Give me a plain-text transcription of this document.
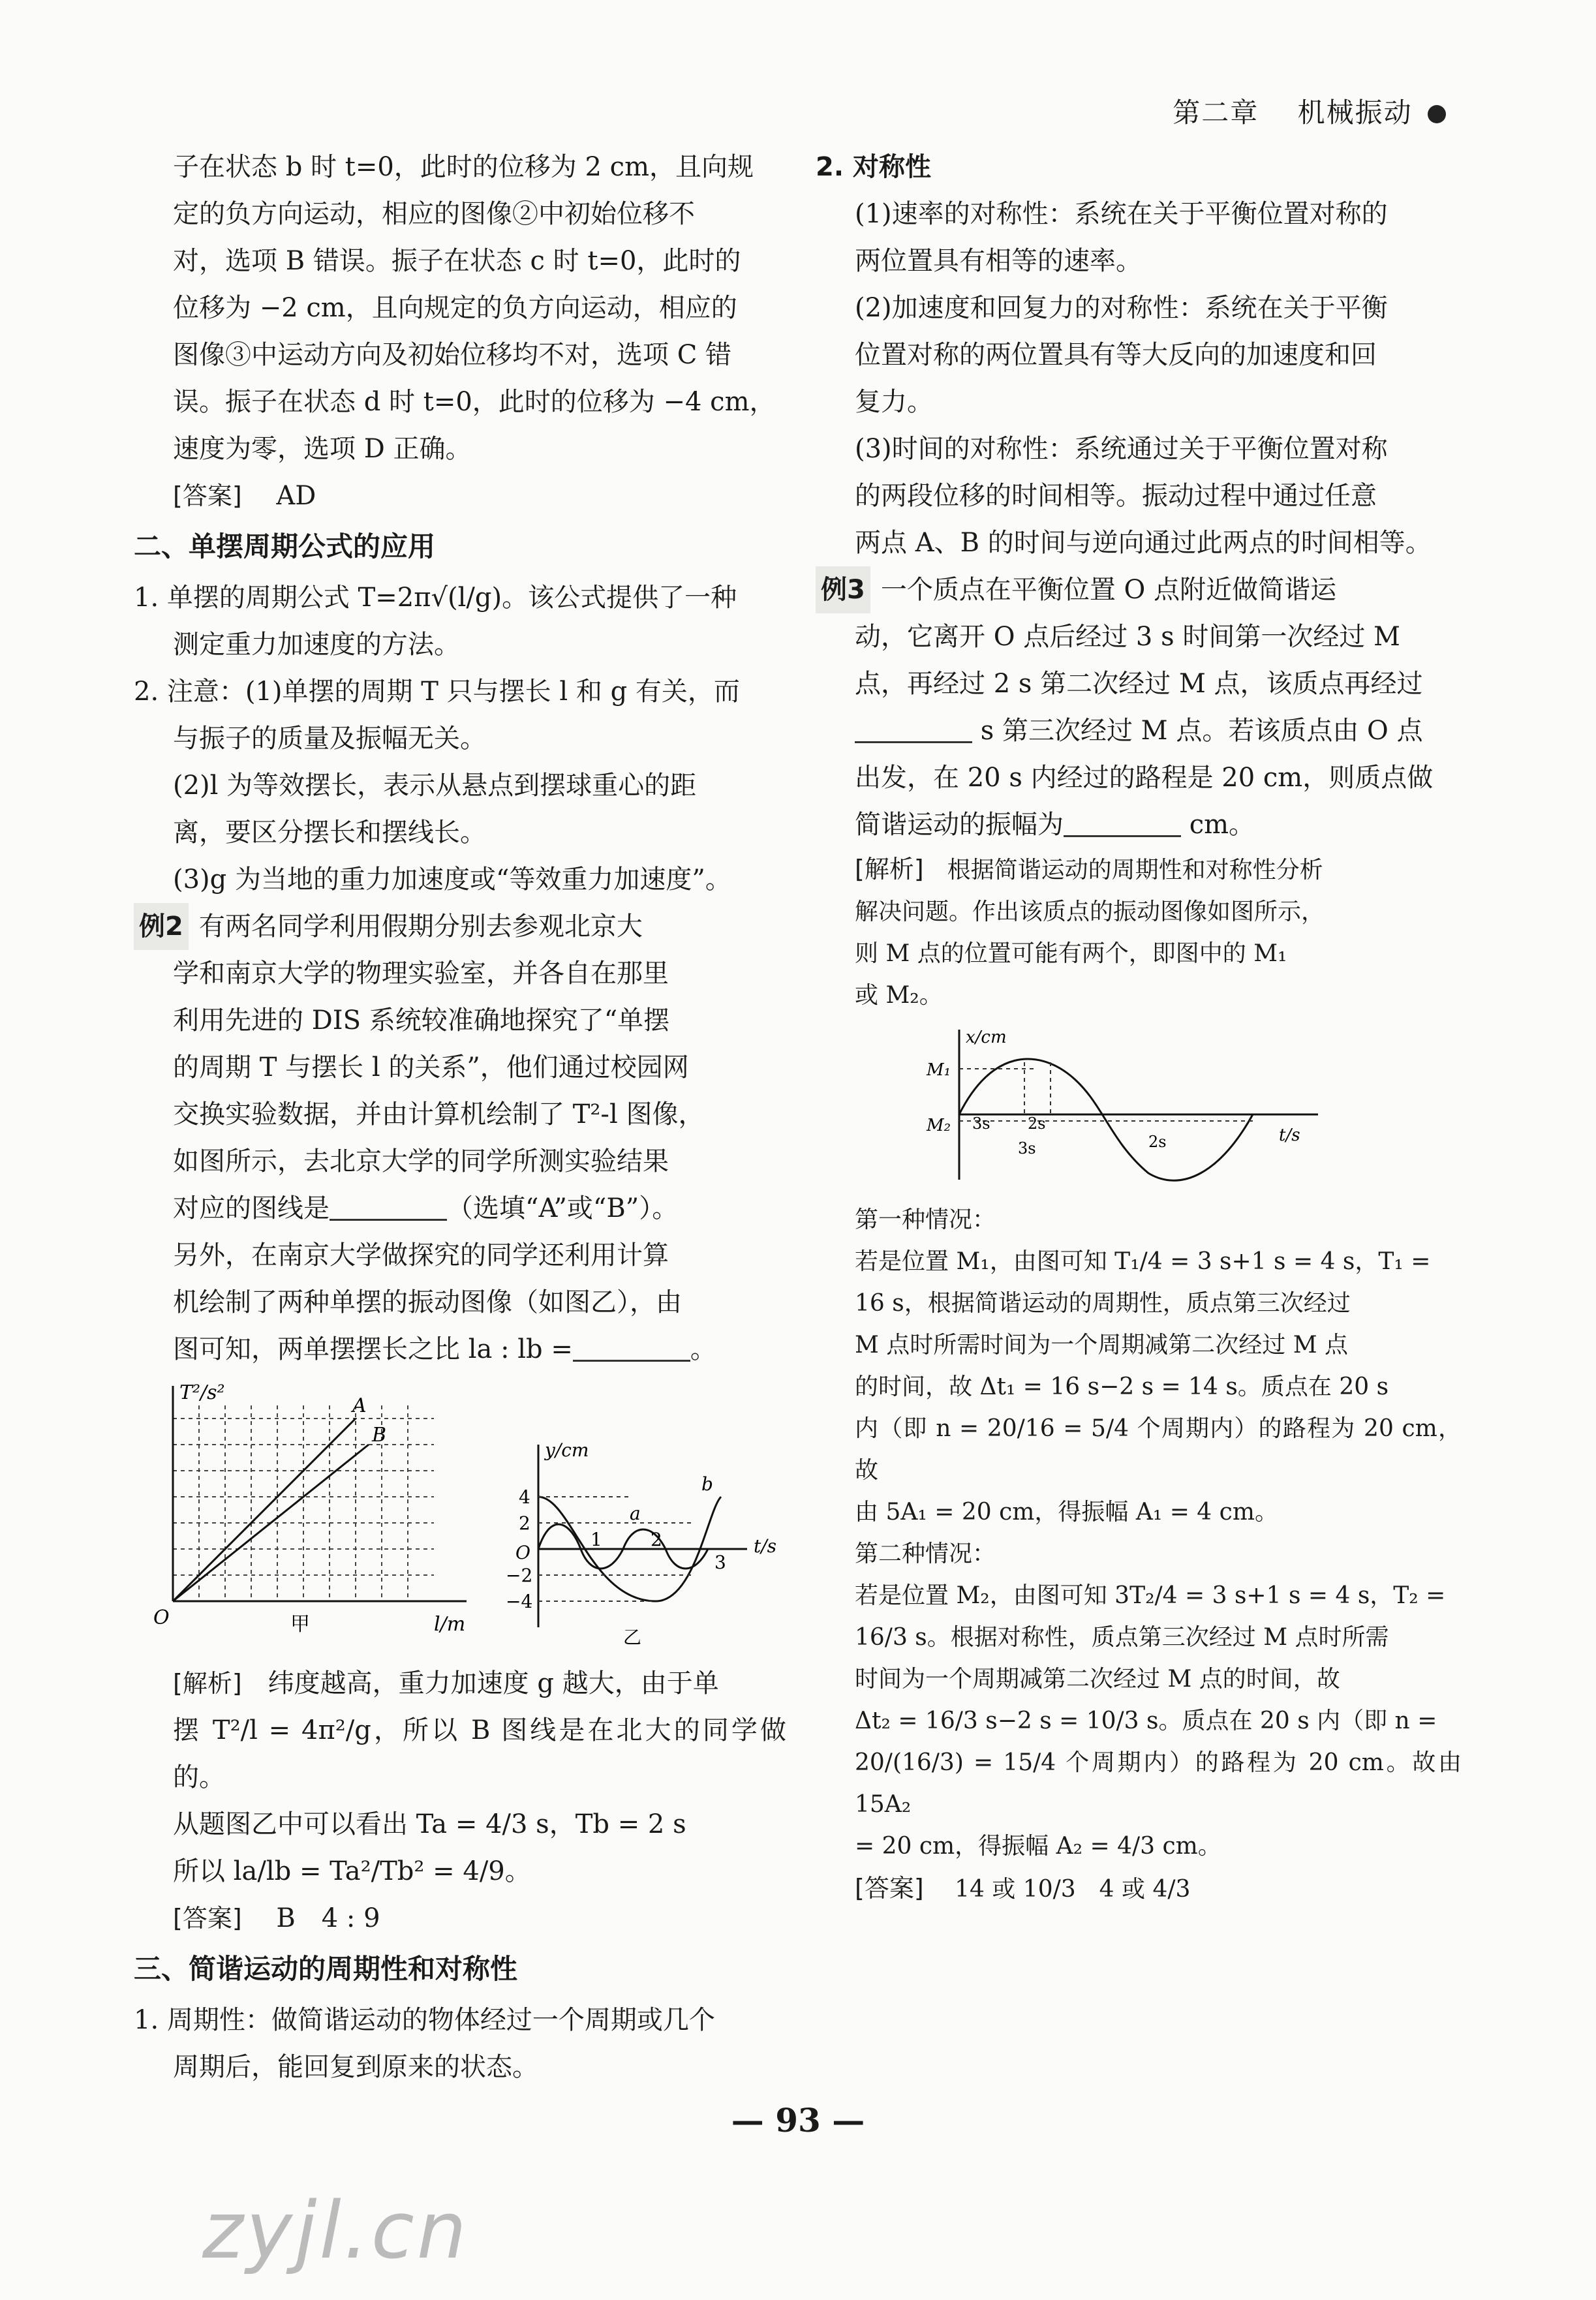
第二章　 机械振动

子在状态 b 时 t=0，此时的位移为 2 cm，且向规

定的负方向运动，相应的图像②中初始位移不

对，选项 B 错误。振子在状态 c 时 t=0，此时的

位移为 −2 cm，且向规定的负方向运动，相应的

图像③中运动方向及初始位移均不对，选项 C 错

误。振子在状态 d 时 t=0，此时的位移为 −4 cm，

速度为零，选项 D 正确。

[答案]　 AD

二、单摆周期公式的应用

1. 单摆的周期公式 T=2π√(l/g)。该公式提供了一种

测定重力加速度的方法。

2. 注意：(1)单摆的周期 T 只与摆长 l 和 g 有关，而

与振子的质量及振幅无关。

(2)l 为等效摆长，表示从悬点到摆球重心的距

离，要区分摆长和摆线长。

(3)g 为当地的重力加速度或“等效重力加速度”。

例2 有两名同学利用假期分别去参观北京大

学和南京大学的物理实验室，并各自在那里

利用先进的 DIS 系统较准确地探究了“单摆

的周期 T 与摆长 l 的关系”，他们通过校园网

交换实验数据，并由计算机绘制了 T²-l 图像，

如图所示，去北京大学的同学所测实验结果

对应的图线是	（选填“A”或“B”）。

另外，在南京大学做探究的同学还利用计算

机绘制了两种单摆的振动图像（如图乙），由

图可知，两单摆摆长之比 la : lb =	。

T²/s²
l/m
O
A
B
甲
y/cm
t/s
O
4
2
−2
−4
1	2
3
a
b
乙

[解析]　 纬度越高，重力加速度 g 越大，由于单

摆 T²/l = 4π²/g，所以 B 图线是在北大的同学做的。

从题图乙中可以看出 Ta = 4/3 s，Tb = 2 s

所以 la/lb = Ta²/Tb² = 4/9。

[答案]　 B　4 : 9

三、简谐运动的周期性和对称性

1. 周期性：做简谐运动的物体经过一个周期或几个

周期后，能回复到原来的状态。

2. 对称性

(1)速率的对称性：系统在关于平衡位置对称的

两位置具有相等的速率。

(2)加速度和回复力的对称性：系统在关于平衡

位置对称的两位置具有等大反向的加速度和回

复力。

(3)时间的对称性：系统通过关于平衡位置对称

的两段位移的时间相等。振动过程中通过任意

两点 A、B 的时间与逆向通过此两点的时间相等。

例3 一个质点在平衡位置 O 点附近做简谐运

动，它离开 O 点后经过 3 s 时间第一次经过 M

点，再经过 2 s 第二次经过 M 点，该质点再经过

s 第三次经过 M 点。若该质点由 O 点

出发，在 20 s 内经过的路程是 20 cm，则质点做

简谐运动的振幅为	cm。

[解析]　 根据简谐运动的周期性和对称性分析

解决问题。作出该质点的振动图像如图所示，

则 M 点的位置可能有两个，即图中的 M₁

或 M₂。

x/cm
t/s
M₁
M₂ 3s 2s
3s	2s

第一种情况：

若是位置 M₁，由图可知 T₁/4 = 3 s+1 s = 4 s，T₁ =

16 s，根据简谐运动的周期性，质点第三次经过

M 点时所需时间为一个周期减第二次经过 M 点

的时间，故 Δt₁ = 16 s−2 s = 14 s。质点在 20 s

内（即 n = 20/16 = 5/4 个周期内）的路程为 20 cm，故

由 5A₁ = 20 cm，得振幅 A₁ = 4 cm。

第二种情况：

若是位置 M₂，由图可知 3T₂/4 = 3 s+1 s = 4 s，T₂ =

16/3 s。根据对称性，质点第三次经过 M 点时所需

时间为一个周期减第二次经过 M 点的时间，故

Δt₂ = 16/3 s−2 s = 10/3 s。质点在 20 s 内（即 n =

20/(16/3) = 15/4 个周期内）的路程为 20 cm。故由 15A₂

= 20 cm，得振幅 A₂ = 4/3 cm。

[答案]　 14 或 10/3　4 或 4/3

— 93 —
zyjl.cn
